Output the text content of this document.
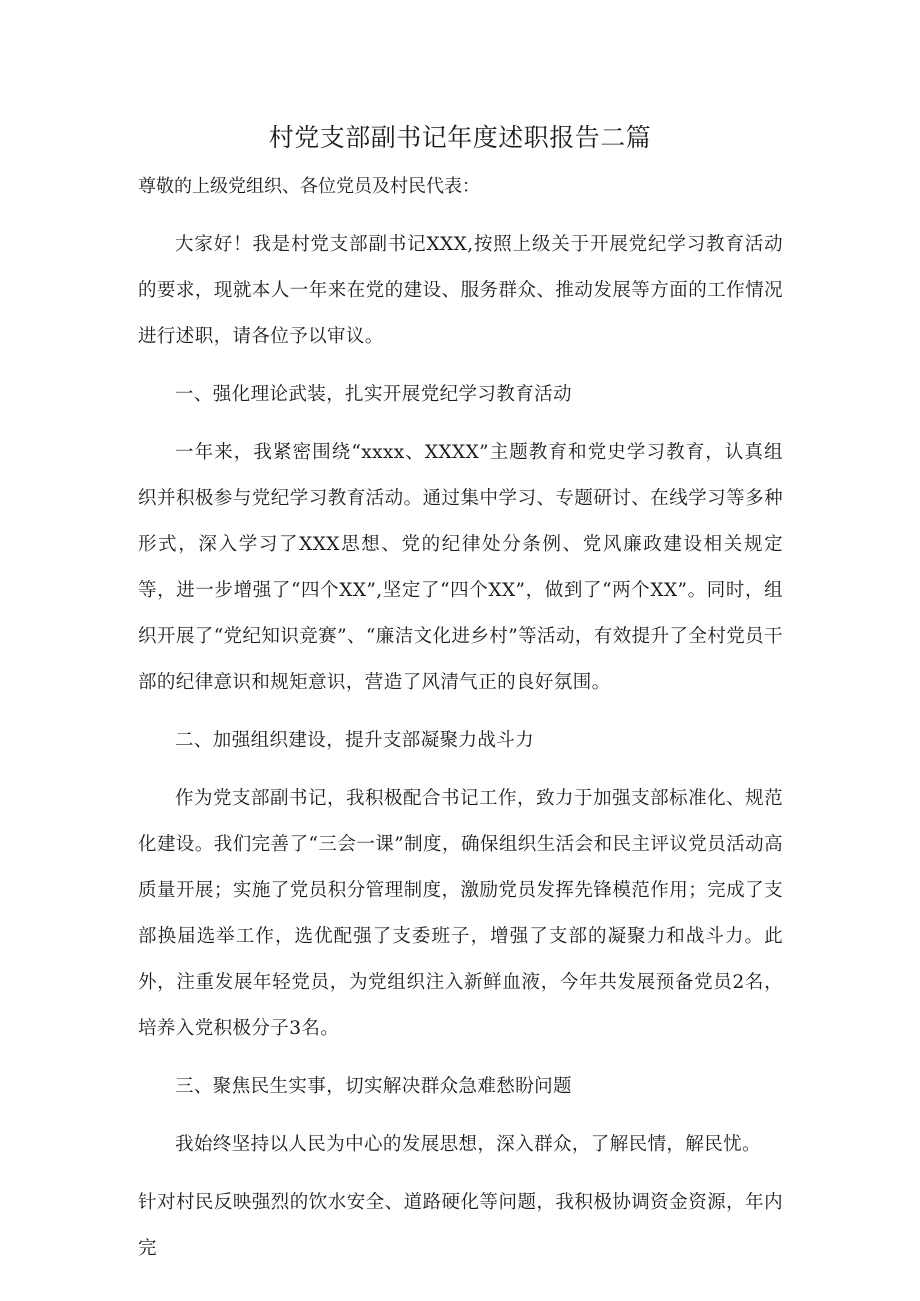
村党支部副书记年度述职报告二篇
尊敬的上级党组织、各位党员及村民代表：

大家好！我是村党支部副书记XXX,按照上级关于开展党纪学习教育活动的要求，现就本人一年来在党的建设、服务群众、推动发展等方面的工作情况进行述职，请各位予以审议。

一、强化理论武装，扎实开展党纪学习教育活动

一年来，我紧密围绕“xxxx、XXXX”主题教育和党史学习教育，认真组织并积极参与党纪学习教育活动。通过集中学习、专题研讨、在线学习等多种形式，深入学习了XXX思想、党的纪律处分条例、党风廉政建设相关规定等，进一步增强了“四个XX”,坚定了“四个XX”，做到了“两个XX”。同时，组织开展了“党纪知识竞赛”、“廉洁文化进乡村”等活动，有效提升了全村党员干部的纪律意识和规矩意识，营造了风清气正的良好氛围。

二、加强组织建设，提升支部凝聚力战斗力

作为党支部副书记，我积极配合书记工作，致力于加强支部标准化、规范化建设。我们完善了“三会一课”制度，确保组织生活会和民主评议党员活动高质量开展；实施了党员积分管理制度，激励党员发挥先锋模范作用；完成了支部换届选举工作，选优配强了支委班子，增强了支部的凝聚力和战斗力。此外，注重发展年轻党员，为党组织注入新鲜血液，今年共发展预备党员2名，培养入党积极分子3名。

三、聚焦民生实事，切实解决群众急难愁盼问题

我始终坚持以人民为中心的发展思想，深入群众，了解民情，解民忧。

针对村民反映强烈的饮水安全、道路硬化等问题，我积极协调资金资源，年内完
